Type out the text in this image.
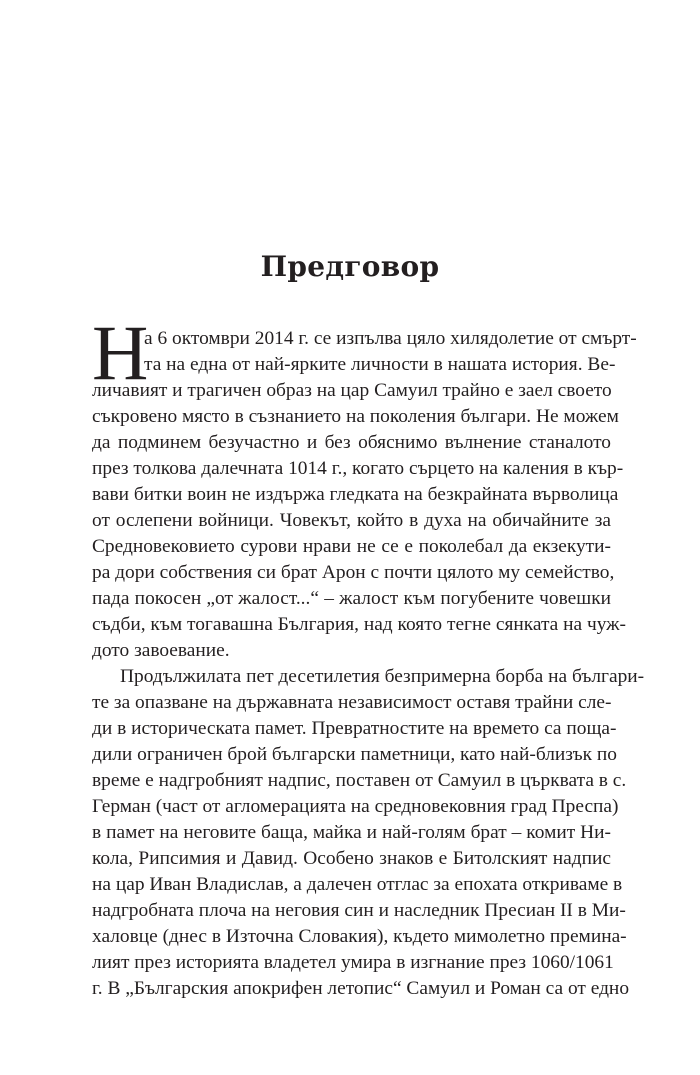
Предговор
Н
а 6 октомври 2014 г. се изпълва цяло хилядолетие от смърт-
та на една от най-ярките личности в нашата история. Ве-
личавият и трагичен образ на цар Самуил трайно е заел своето
съкровено място в съзнанието на поколения българи. Не можем
да подминем безучастно и без обяснимо вълнение станалото
през толкова далечната 1014 г., когато сърцето на калeния в кър-
вави битки воин не издържа гледката на безкрайната върволица
от ослепени войници. Човекът, който в духа на обичайните за
Средновековието сурови нрави не се е поколебал да екзекути-
ра дори собствения си брат Арон с почти цялото му семейство,
пада покосен „от жалост...“ – жалост към погубените човешки
съдби, към тогавашна България, над която тегне сянката на чуж-
дото завоевание.
Продължилата пет десетилетия безпримерна борба на българи-
те за опазване на държавната независимост оставя трайни сле-
ди в историческата памет. Превратностите на времето са поща-
дили ограничен брой български паметници, като най-близък по
време е надгробният надпис, поставен от Самуил в църквата в с.
Герман (част от агломерацията на средновековния град Преспа)
в памет на неговите баща, майка и най-голям брат – комит Ни-
кола, Рипсимия и Давид. Особено знаков е Битолският надпис
на цар Иван Владислав, а далечен отглас за епохата откриваме в
надгробната плоча на неговия син и наследник Пресиан II в Ми-
халовце (днес в Източна Словакия), където мимолетно премина-
лият през историята владетел умира в изгнание през 1060/1061
г. В „Българския апокрифен летопис“ Самуил и Роман са от едно
